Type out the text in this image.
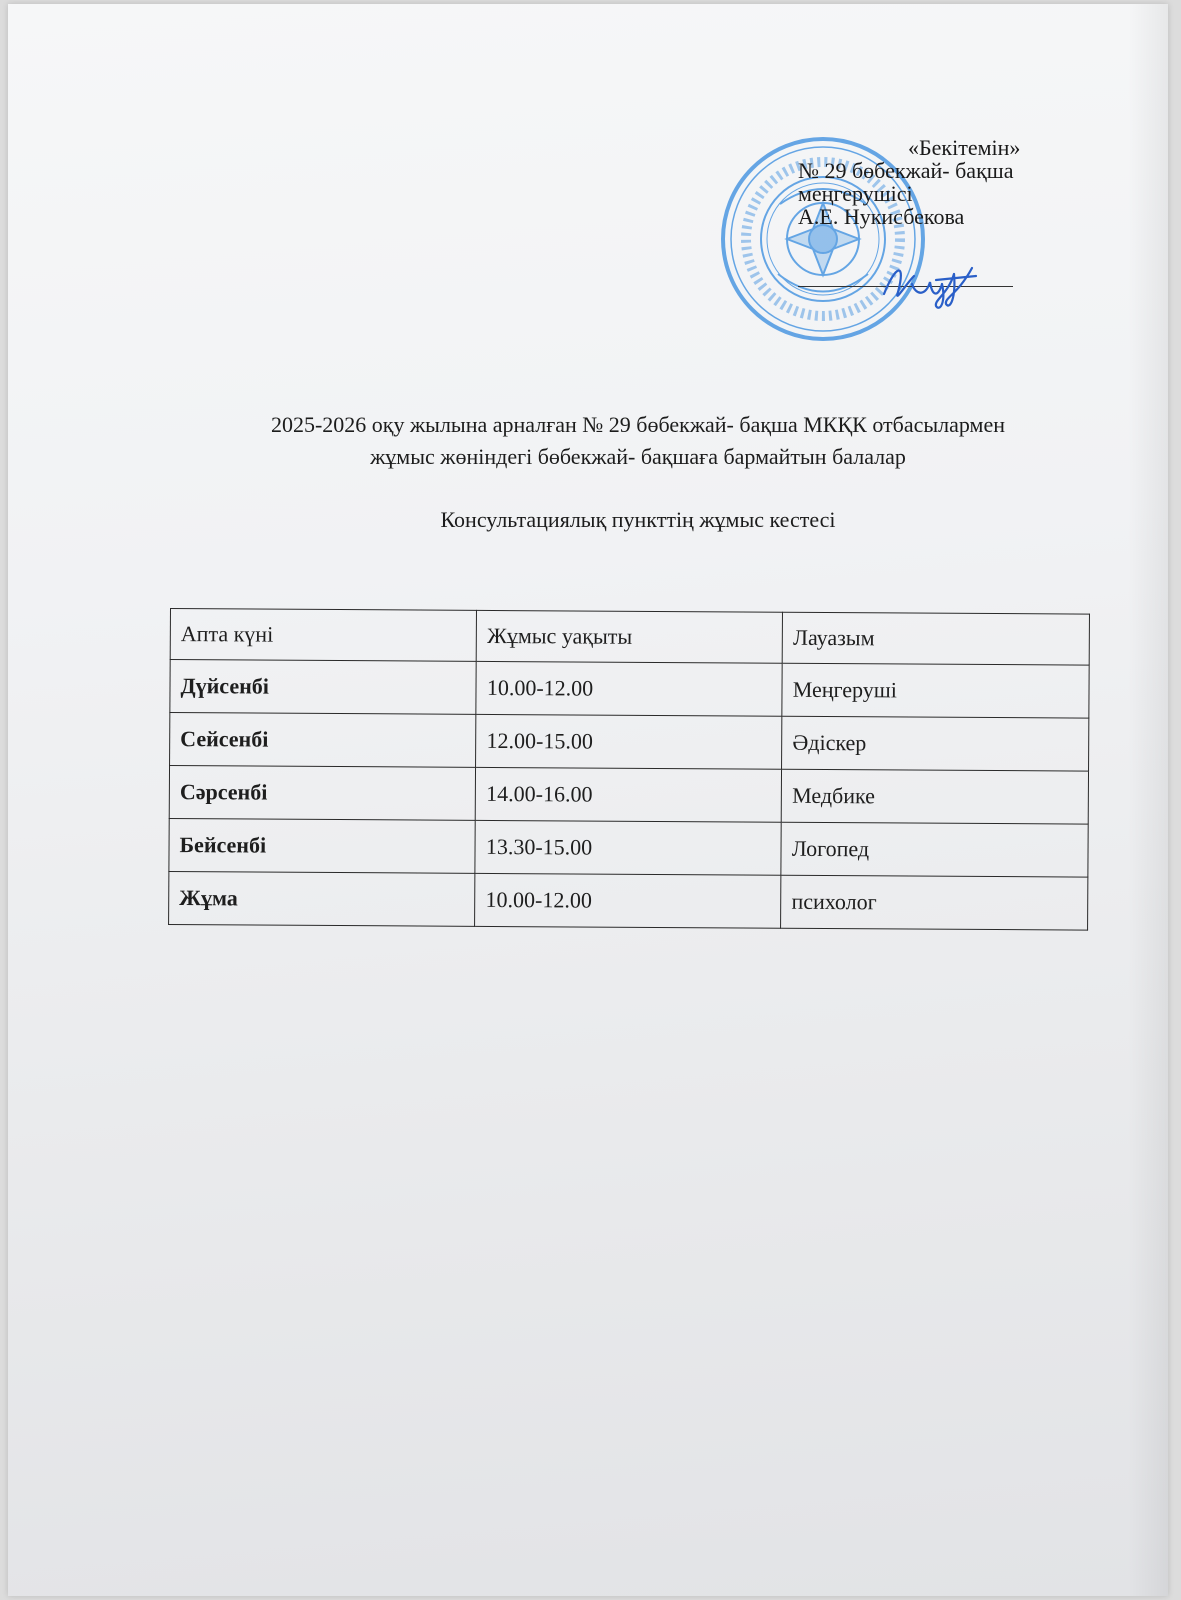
«Бекітемін»
№ 29 бөбекжай- бақша
меңгерушісі
А.Е. Нукисбекова
2025-2026 оқу жылына арналған № 29 бөбекжай- бақша МКҚК отбасылармен
жұмыс жөніндегі бөбекжай- бақшаға бармайтын балалар
Консультациялық пункттің жұмыс кестесі
Апта күні	Жұмыс уақыты	Лауазым
Дүйсенбі	10.00-12.00	Меңгеруші
Сейсенбі	12.00-15.00	Әдіскер
Сәрсенбі	14.00-16.00	Медбике
Бейсенбі	13.30-15.00	Логопед
Жұма	10.00-12.00	психолог
